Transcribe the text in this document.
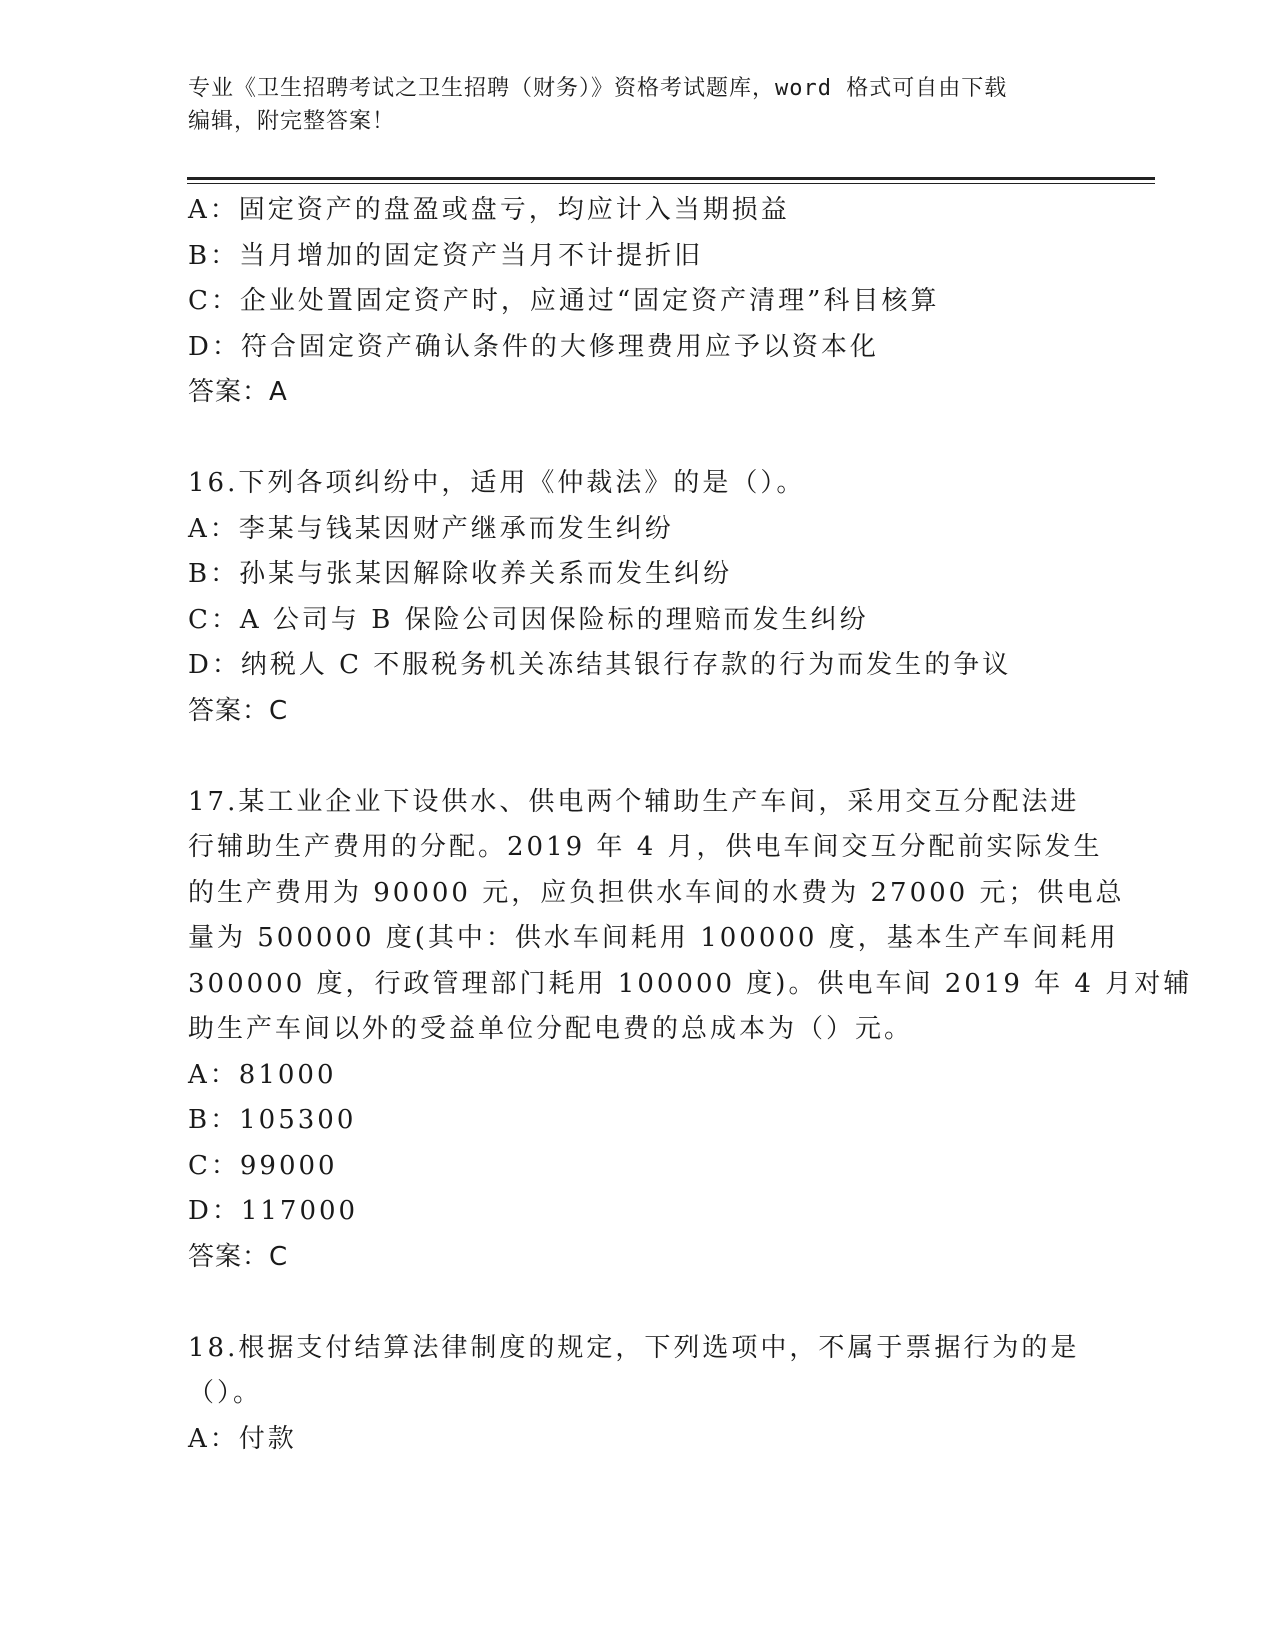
专业《卫生招聘考试之卫生招聘（财务）》资格考试题库，word 格式可自由下载
编辑，附完整答案！
A：固定资产的盘盈或盘亏，均应计入当期损益
B：当月增加的固定资产当月不计提折旧
C：企业处置固定资产时，应通过“固定资产清理”科目核算
D：符合固定资产确认条件的大修理费用应予以资本化
答案：A
16.下列各项纠纷中，适用《仲裁法》的是（）。
A：李某与钱某因财产继承而发生纠纷
B：孙某与张某因解除收养关系而发生纠纷
C：A 公司与 B 保险公司因保险标的理赔而发生纠纷
D：纳税人 C 不服税务机关冻结其银行存款的行为而发生的争议
答案：C
17.某工业企业下设供水、供电两个辅助生产车间，采用交互分配法进
行辅助生产费用的分配。2019 年 4 月，供电车间交互分配前实际发生
的生产费用为 90000 元，应负担供水车间的水费为 27000 元；供电总
量为 500000 度(其中：供水车间耗用 100000 度，基本生产车间耗用
300000 度，行政管理部门耗用 100000 度)。供电车间 2019 年 4 月对辅
助生产车间以外的受益单位分配电费的总成本为（）元。
A：81000
B：105300
C：99000
D：117000
答案：C
18.根据支付结算法律制度的规定，下列选项中，不属于票据行为的是
（）。
A：付款
